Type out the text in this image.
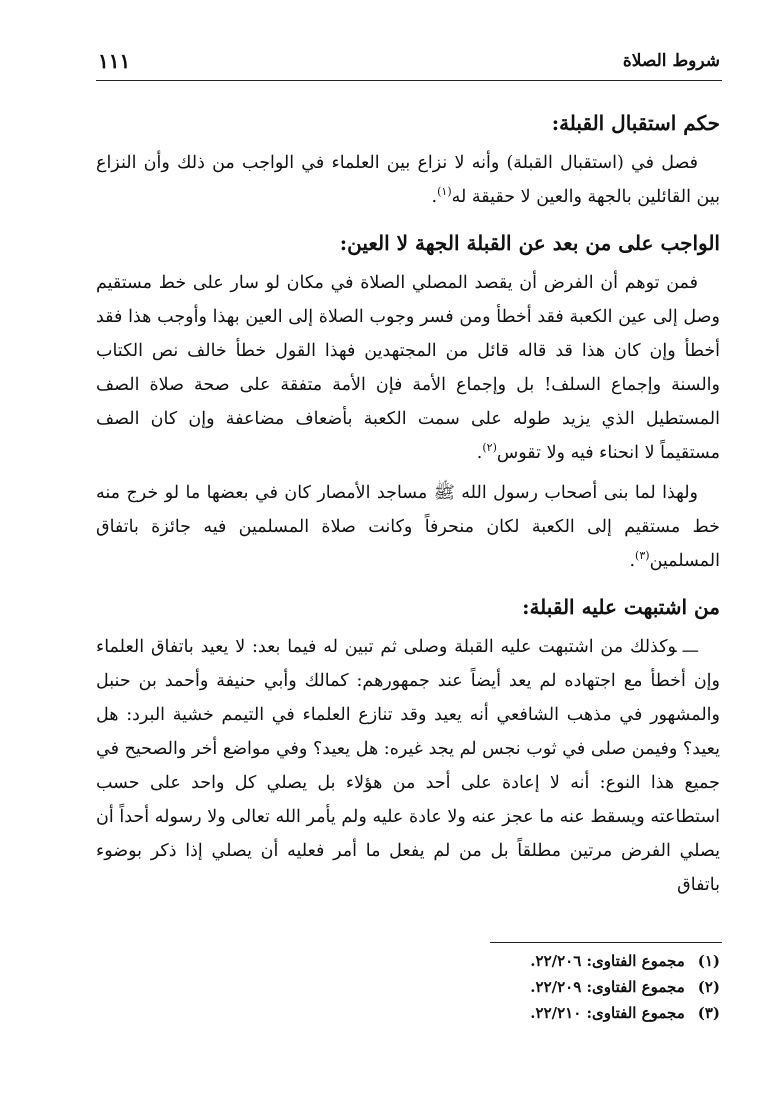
شروط الصلاة
١١١
حكم استقبال القبلة:

فصل في (استقبال القبلة) وأنه لا نزاع بين العلماء في الواجب من ذلك وأن النزاع بين القائلين بالجهة والعين لا حقيقة له$^{(١)}$.

الواجب على من بعد عن القبلة الجهة لا العين:

فمن توهم أن الفرض أن يقصد المصلي الصلاة في مكان لو سار على خط مستقيم وصل إلى عين الكعبة فقد أخطأ ومن فسر وجوب الصلاة إلى العين بهذا وأوجب هذا فقد أخطأ وإن كان هذا قد قاله قائل من المجتهدين فهذا القول خطأ خالف نص الكتاب والسنة وإجماع السلف! بل وإجماع الأمة فإن الأمة متفقة على صحة صلاة الصف المستطيل الذي يزيد طوله على سمت الكعبة بأضعاف مضاعفة وإن كان الصف مستقيماً لا انحناء فيه ولا تقوس$^{(٢)}$.

ولهذا لما بنى أصحاب رسول الله ﷺ مساجد الأمصار كان في بعضها ما لو خرج منه خط مستقيم إلى الكعبة لكان منحرفاً وكانت صلاة المسلمين فيه جائزة باتفاق المسلمين$^{(٣)}$.

من اشتبهت عليه القبلة:

ـــوكذلك من اشتبهت عليه القبلة وصلى ثم تبين له فيما بعد: لا يعيد باتفاق العلماء وإن أخطأ مع اجتهاده لم يعد أيضاً عند جمهورهم: كمالك وأبي حنيفة وأحمد بن حنبل والمشهور في مذهب الشافعي أنه يعيد وقد تنازع العلماء في التيمم خشية البرد: هل يعيد؟ وفيمن صلى في ثوب نجس لم يجد غيره: هل يعيد؟ وفي مواضع أخر والصحيح في جميع هذا النوع: أنه لا إعادة على أحد من هؤلاء بل يصلي كل واحد على حسب استطاعته ويسقط عنه ما عجز عنه ولا عادة عليه ولم يأمر الله تعالى ولا رسوله أحداً أن يصلي الفرض مرتين مطلقاً بل من لم يفعل ما أمر فعليه أن يصلي إذا ذكر بوضوء باتفاق

(١) مجموع الفتاوى: ٢٢/٢٠٦.
(٢) مجموع الفتاوى: ٢٢/٢٠٩.
(٣) مجموع الفتاوى: ٢٢/٢١٠.
